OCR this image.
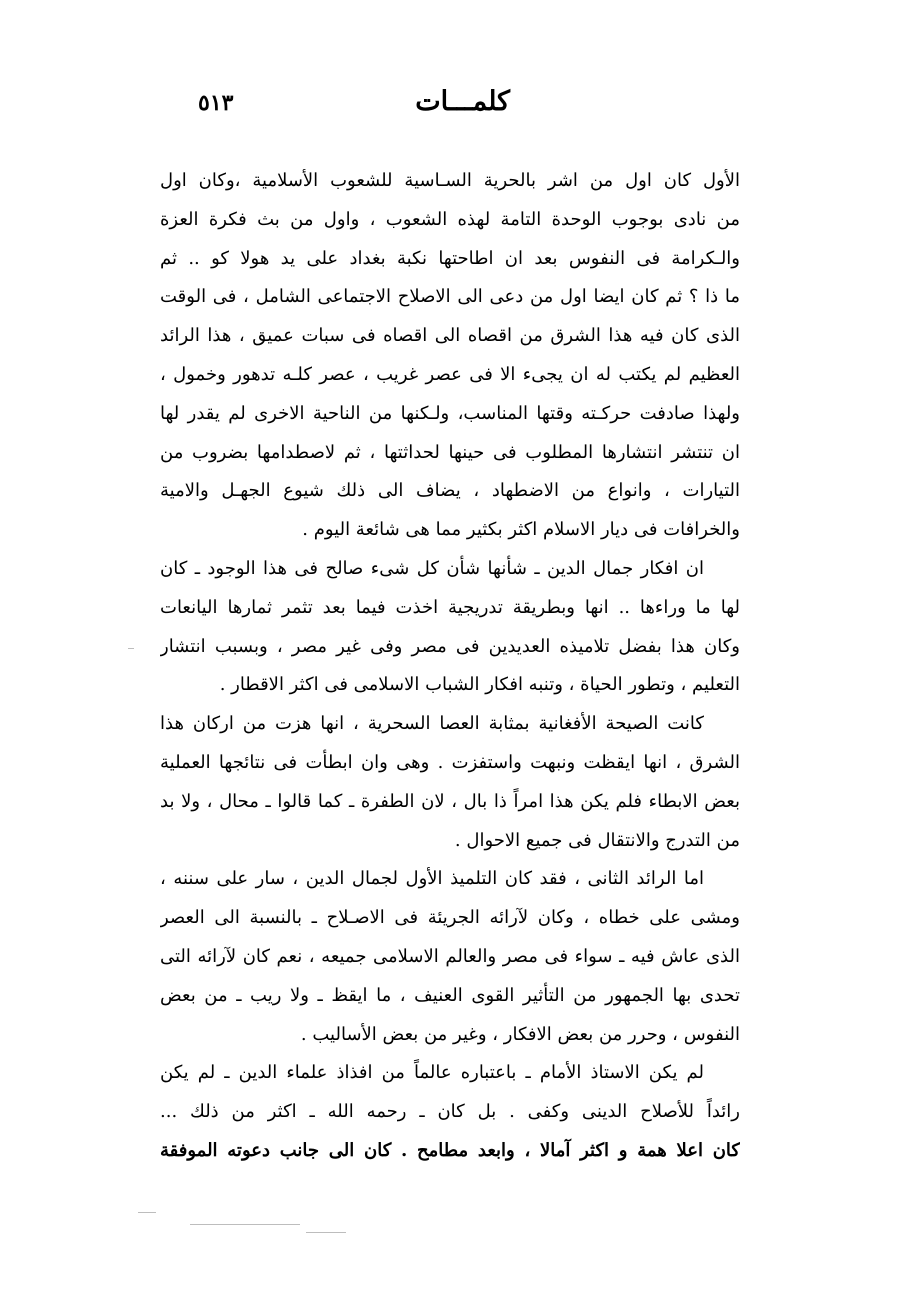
كلمـــات
٥١٣
الأول كان اول من اشر بالحرية السـاسية للشعوب الأسلامية ،وكان اول
من نادى بوجوب الوحدة التامة لهذه الشعوب ، واول من بث فكرة العزة
والـكرامة فى النفوس بعد ان اطاحتها نكبة بغداد على يد هولا كو .. ثم
ما ذا ؟ ثم كان ايضا اول من دعى الى الاصلاح الاجتماعى الشامل ، فى الوقت
الذى كان فيه هذا الشرق من اقصاه الى اقصاه فى سبات عميق ، هذا الرائد
العظيم لم يكتب له ان يجىء الا فى عصر غريب ، عصر كلـه تدهور وخمول ،
ولهذا صادفت حركـته وقتها المناسب، ولـكنها من الناحية الاخرى لم يقدر لها
ان تنتشر انتشارها المطلوب فى حينها لحداثتها ، ثم لاصطدامها بضروب من
التيارات ، وانواع من الاضطهاد ، يضاف الى ذلك شيوع الجهـل والامية
والخرافات فى ديار الاسلام اكثر بكثير مما هى شائعة اليوم .
ان افكار جمال الدين ـ شأنها شأن كل شىء صالح فى هذا الوجود ـ كان
لها ما وراءها .. انها وبطريقة تدريجية اخذت فيما بعد تثمر ثمارها اليانعات
وكان هذا بفضل تلاميذه العديدين فى مصر وفى غير مصر ، وبسبب انتشار
التعليم ، وتطور الحياة ، وتنبه افكار الشباب الاسلامى فى اكثر الاقطار .
كانت الصيحة الأفغانية بمثابة العصا السحرية ، انها هزت من اركان هذا
الشرق ، انها ايقظت ونبهت واستفزت . وهى وان ابطأت فى نتائجها العملية
بعض الابطاء فلم يكن هذا امراً ذا بال ، لان الطفرة ـ كما قالوا ـ محال ، ولا بد
من التدرج والانتقال فى جميع الاحوال .
اما الرائد الثانى ، فقد كان التلميذ الأول لجمال الدين ، سار على سننه ،
ومشى على خطاه ، وكان لآرائه الجريئة فى الاصـلاح ـ بالنسبة الى العصر
الذى عاش فيه ـ سواء فى مصر والعالم الاسلامى جميعه ، نعم كان لآرائه التى
تحدى بها الجمهور من التأثير القوى العنيف ، ما ايقظ ـ ولا ريب ـ من بعض
النفوس ، وحرر من بعض الافكار ، وغير من بعض الأساليب .
لم يكن الاستاذ الأمام ـ باعتباره عالماً من افذاذ علماء الدين ـ لم يكن
رائداً للأصلاح الدينى وكفى . بل كان ـ رحمه الله ـ اكثر من ذلك ...
كان اعلا همة و اكثر آمالا ، وابعد مطامح . كان الى جانب دعوته الموفقة
